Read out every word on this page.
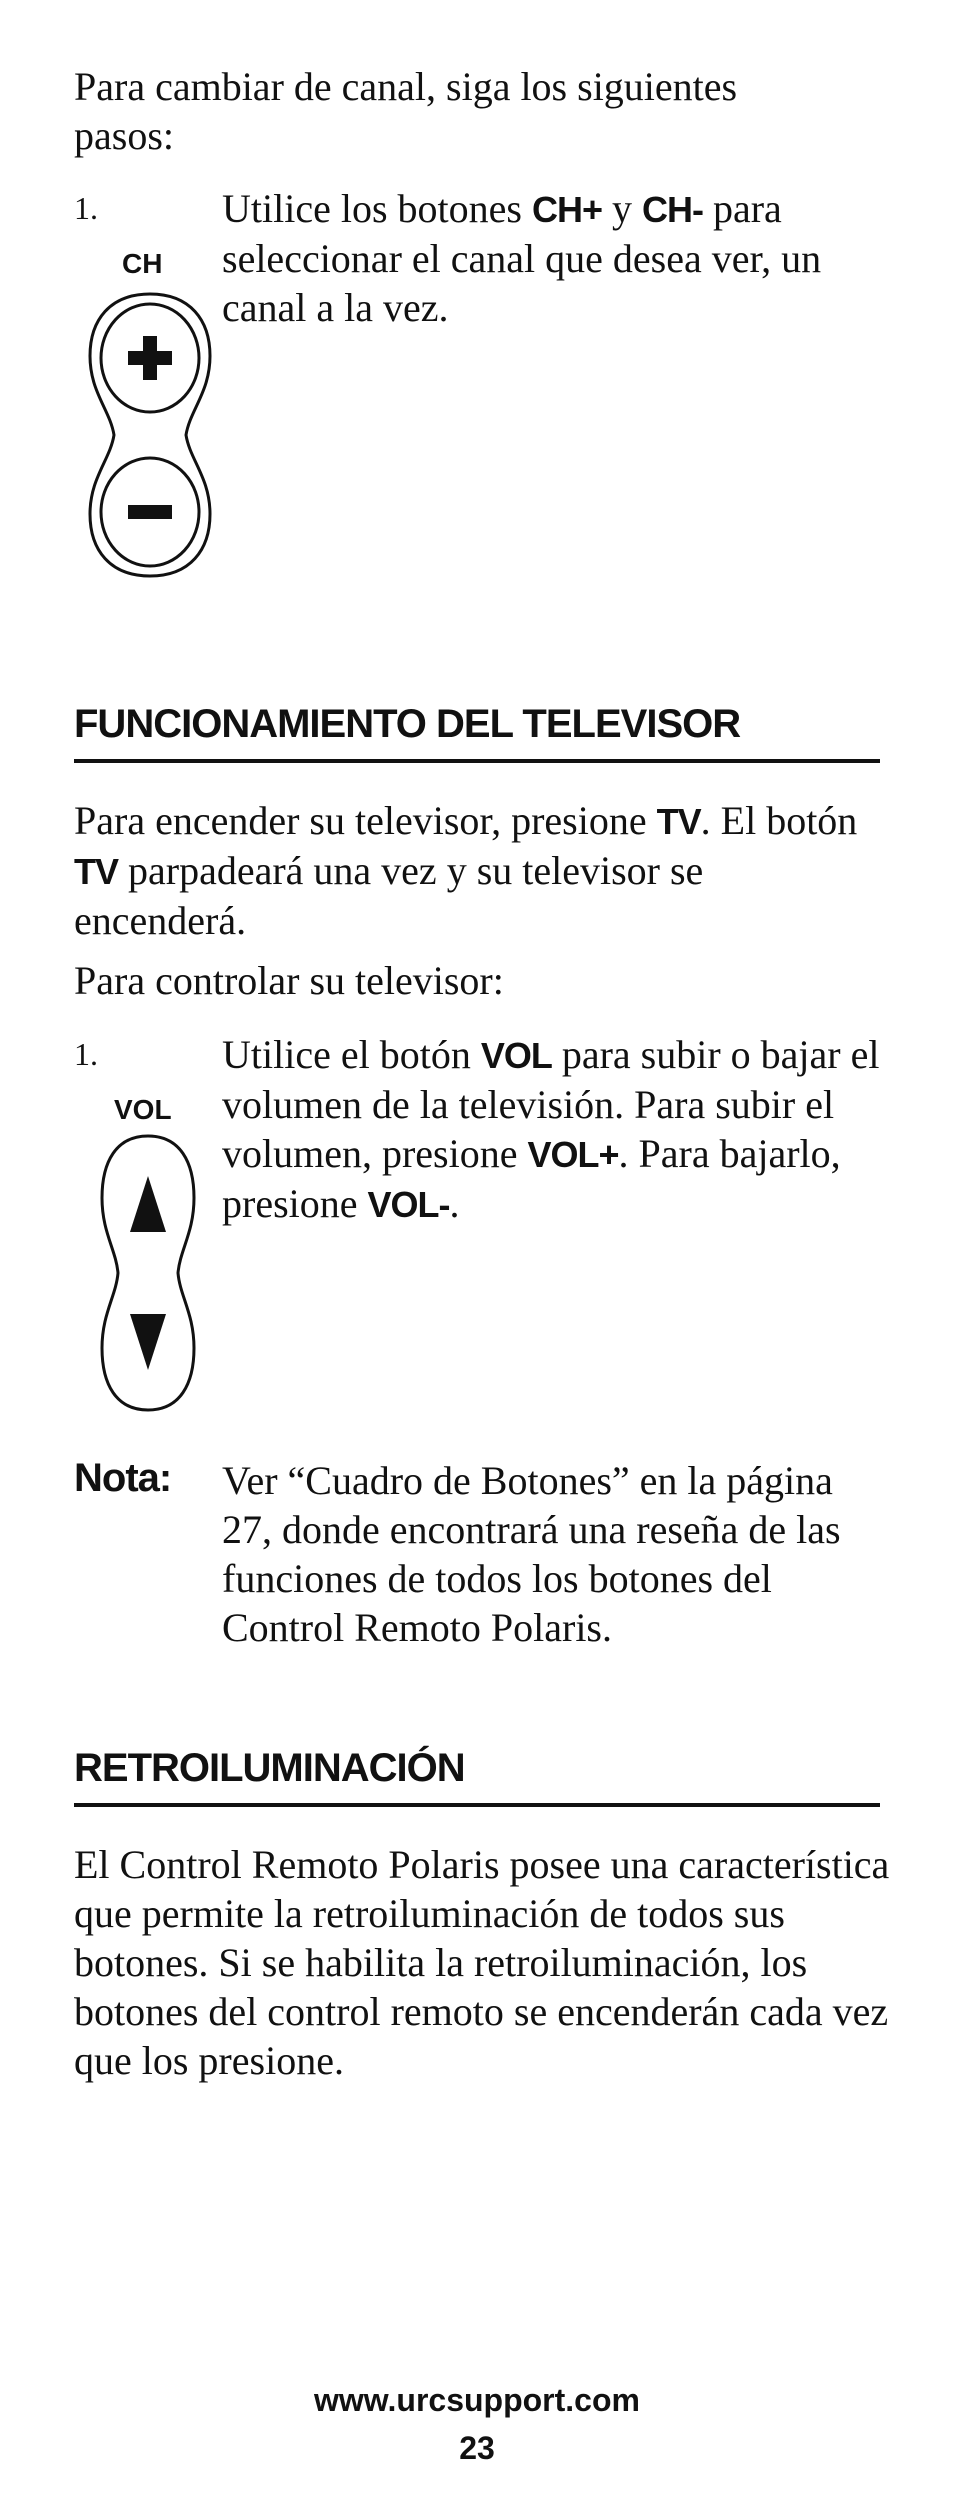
Para cambiar de canal, siga los siguientes pasos:
1.
CH
Utilice los botones CH+ y CH- para seleccionar el canal que desea ver, un canal a la vez.
FUNCIONAMIENTO DEL TELEVISOR
Para encender su televisor, presione TV. El botón TV parpadeará una vez y su televisor se encenderá.
Para controlar su televisor:
1.
VOL
Utilice el botón VOL para subir o bajar el volumen de la televisión. Para subir el volumen, presione VOL+. Para bajarlo, presione VOL-.
Nota: Ver “Cuadro de Botones” en la página 27, donde encontrará una reseña de las funciones de todos los botones del Control Remoto Polaris.
RETROILUMINACIÓN
El Control Remoto Polaris posee una característica que permite la retroiluminación de todos sus botones. Si se habilita la retroiluminación, los botones del control remoto se encenderán cada vez que los presione.
www.urcsupport.com
23
